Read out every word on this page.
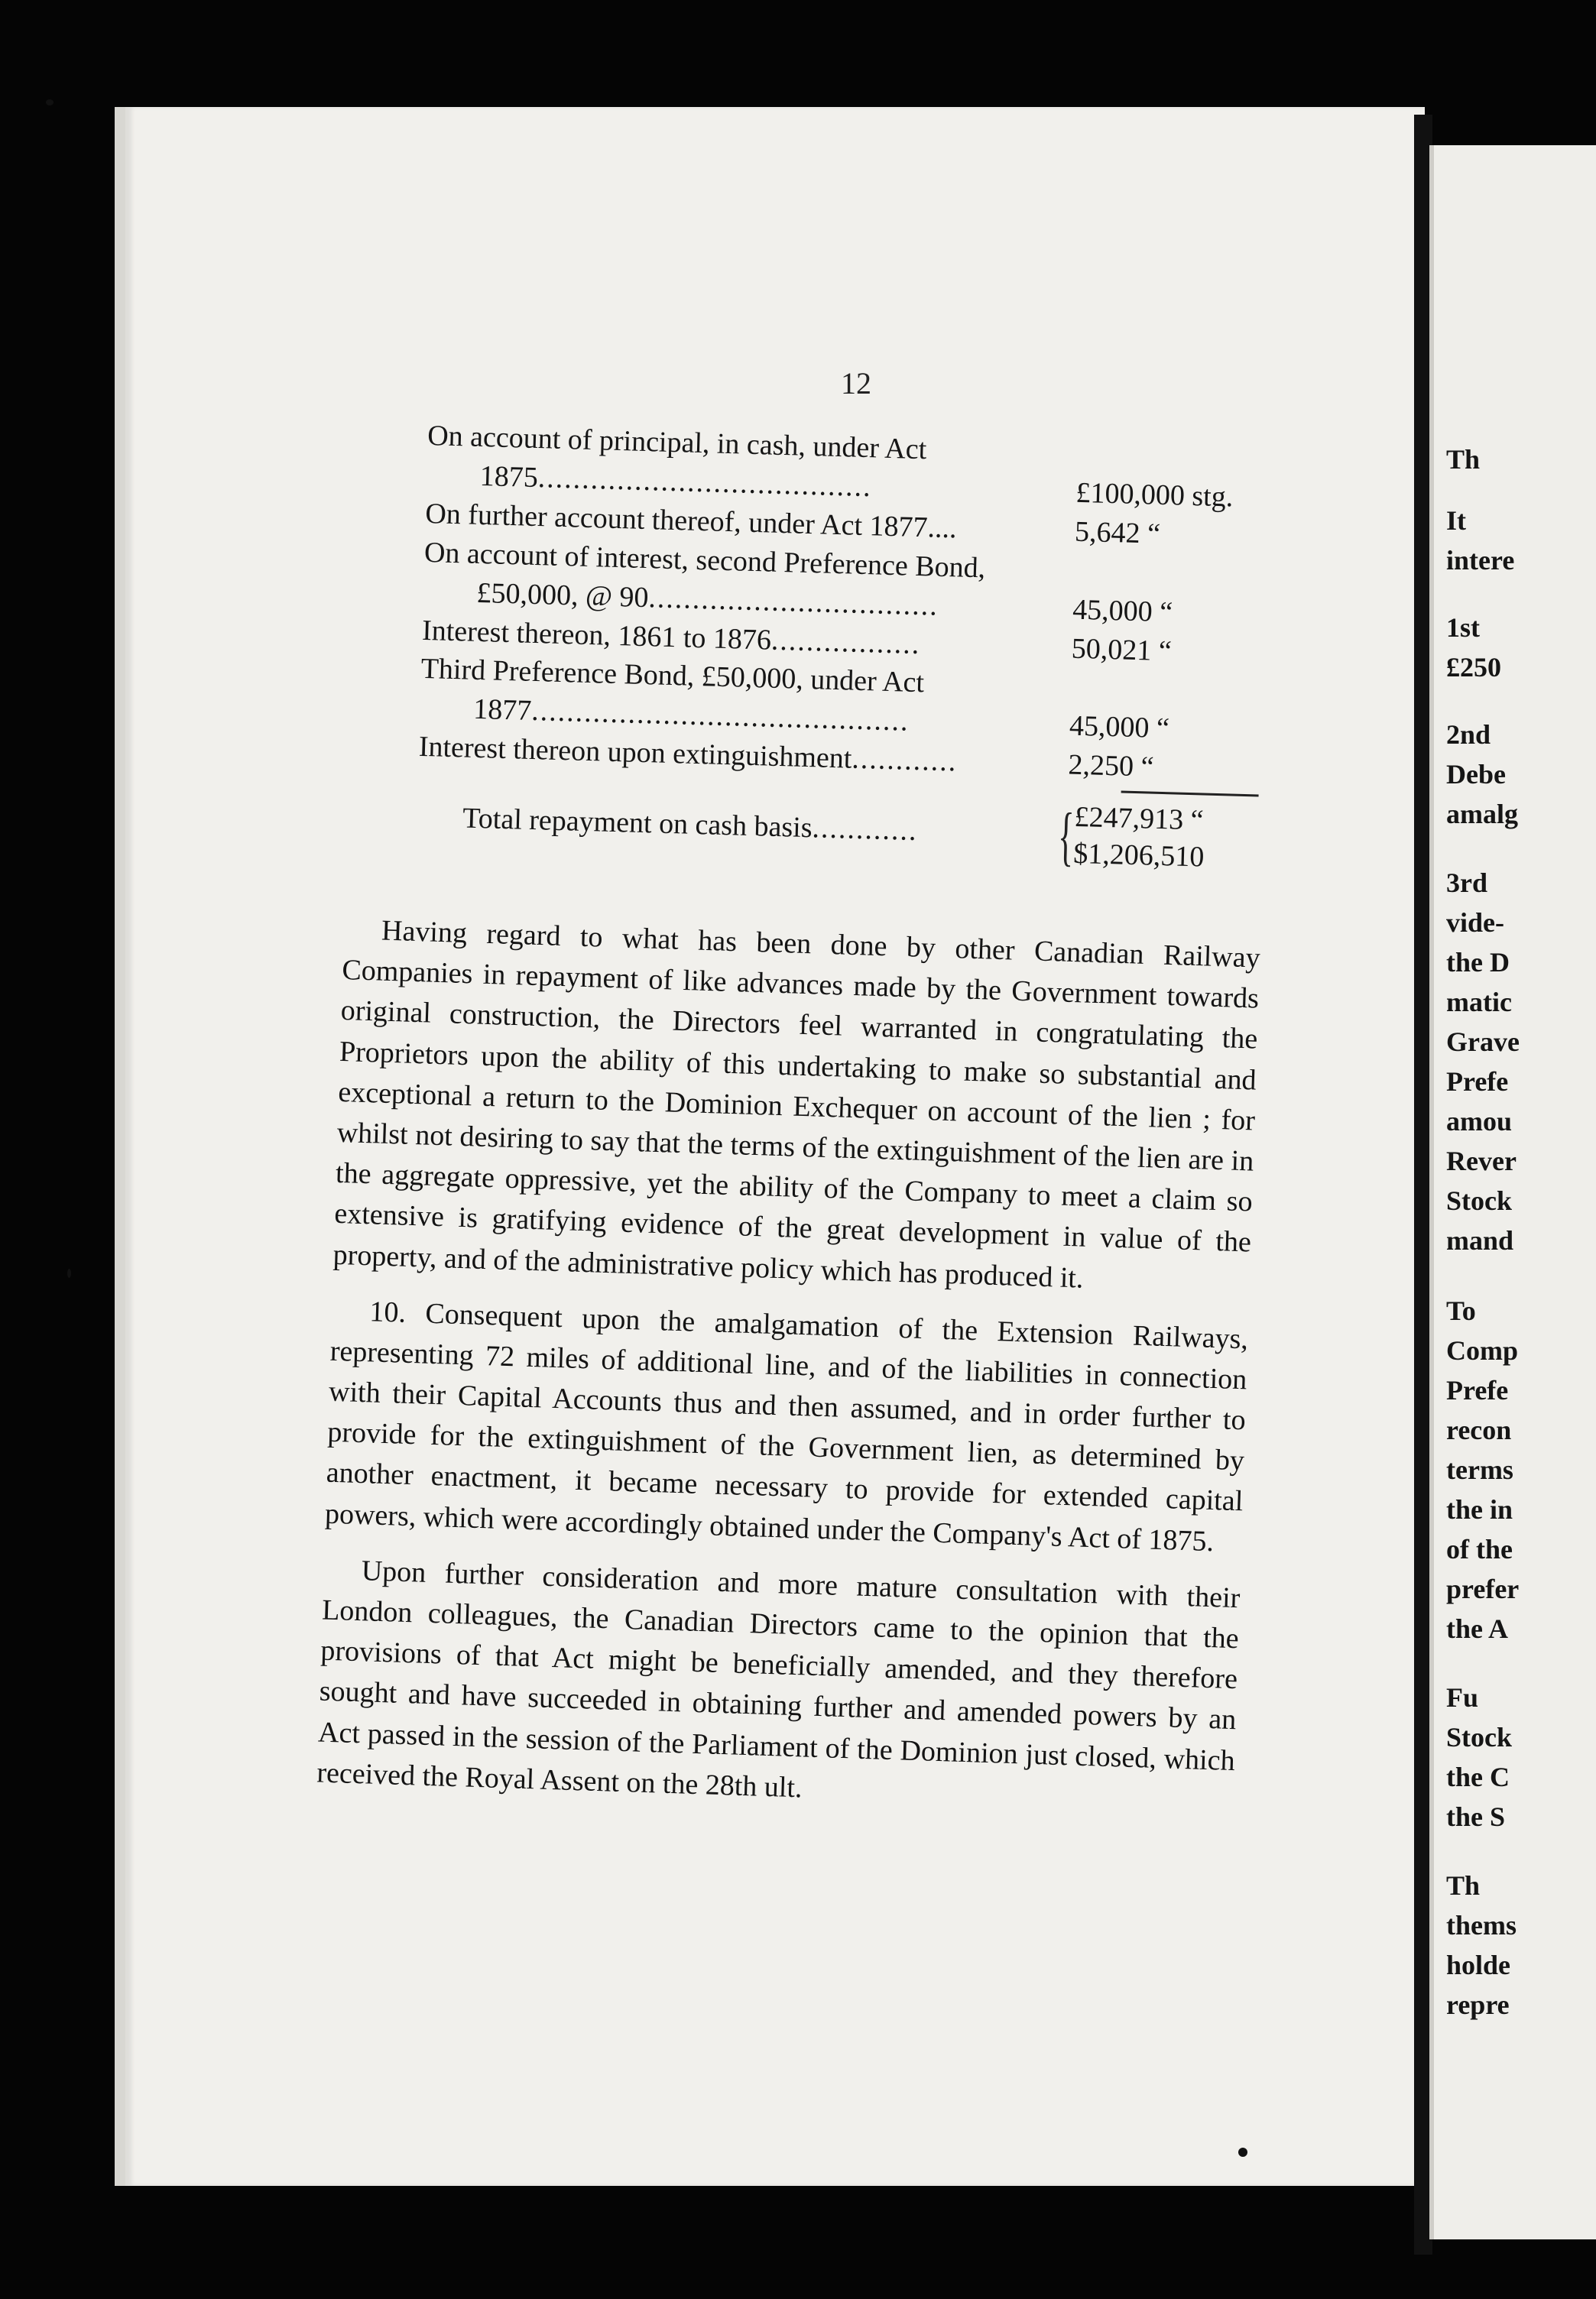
12
On account of principal, in cash, under Act
1875......................................	£100,000 stg.
On further account thereof, under Act 1877....	5,642 “
On account of interest, second Preference Bond,
£50,000, @ 90.................................	45,000 “
Interest thereon, 1861 to 1876.................	50,021 “
Third Preference Bond, £50,000, under Act
1877...........................................	45,000 “
Interest thereon upon extinguishment............	2,250 “
Total repayment on cash basis............	{ £247,913 “
$1,206,510

Having regard to what has been done by other Canadian Railway Companies in repayment of like advances made by the Government towards original construction, the Directors feel warranted in congratulating the Proprietors upon the ability of this undertaking to make so substantial and exceptional a return to the Dominion Exchequer on account of the lien ; for whilst not desiring to say that the terms of the extinguishment of the lien are in the aggregate oppressive, yet the ability of the Company to meet a claim so extensive is gratifying evidence of the great development in value of the property, and of the administrative policy which has produced it.

10. Consequent upon the amalgamation of the Extension Railways, representing 72 miles of additional line, and of the liabilities in connection with their Capital Accounts thus and then assumed, and in order further to provide for the extinguishment of the Government lien, as determined by another enactment, it became necessary to provide for extended capital powers, which were accordingly obtained under the Company's Act of 1875.

Upon further consideration and more mature consultation with their London colleagues, the Canadian Directors came to the opinion that the provisions of that Act might be beneficially amended, and they therefore sought and have succeeded in obtaining further and amended powers by an Act passed in the session of the Parliament of the Dominion just closed, which received the Royal Assent on the 28th ult.

Th
It
intere
1st
£250
2nd
Debe
amalg
3rd
vide-
the D
matic
Grave
Prefe
amou
Rever
Stock
mand
To
Comp
Prefe
recon
terms
the in
of the
prefer
the A
Fu
Stock
the C
the S
Th
thems
holde
repre
